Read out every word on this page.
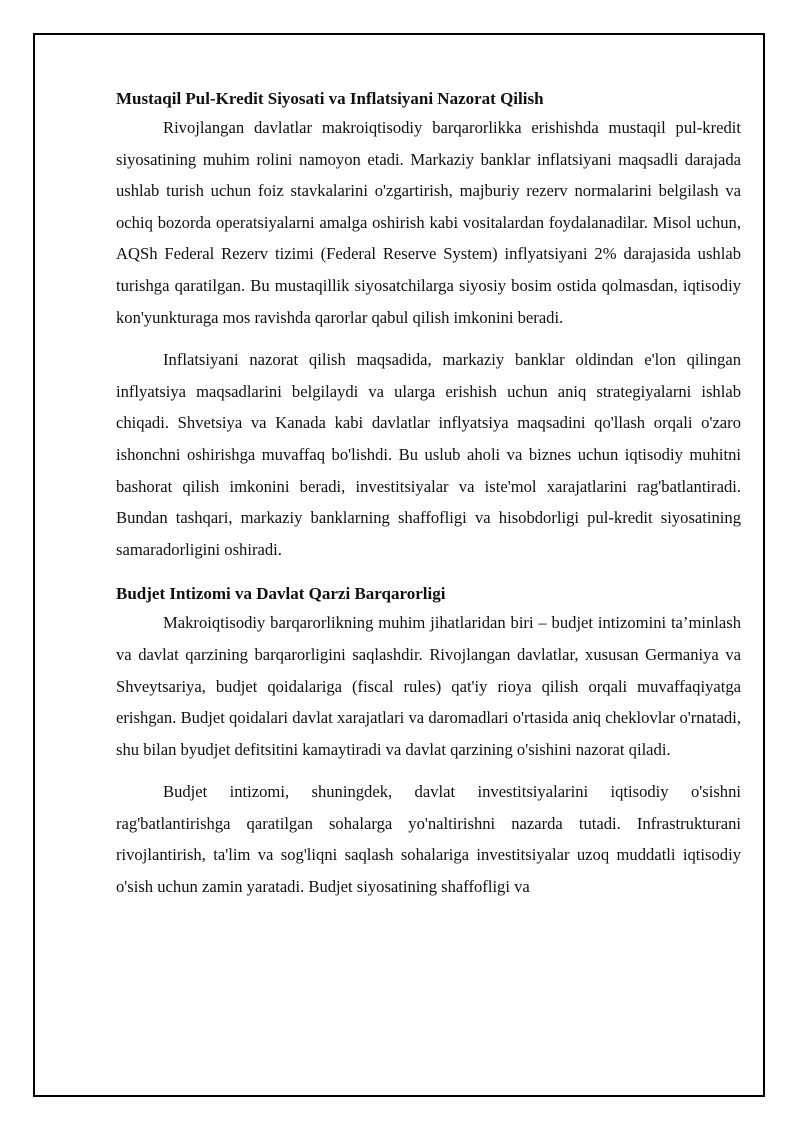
Mustaqil Pul-Kredit Siyosati va Inflatsiyani Nazorat Qilish

Rivojlangan davlatlar makroiqtisodiy barqarorlikka erishishda mustaqil pul-kredit siyosatining muhim rolini namoyon etadi. Markaziy banklar inflatsiyani maqsadli darajada ushlab turish uchun foiz stavkalarini o'zgartirish, majburiy rezerv normalarini belgilash va ochiq bozorda operatsiyalarni amalga oshirish kabi vositalardan foydalanadilar. Misol uchun, AQSh Federal Rezerv tizimi (Federal Reserve System) inflyatsiyani 2% darajasida ushlab turishga qaratilgan. Bu mustaqillik siyosatchilarga siyosiy bosim ostida qolmasdan, iqtisodiy kon'yunkturaga mos ravishda qarorlar qabul qilish imkonini beradi.

Inflatsiyani nazorat qilish maqsadida, markaziy banklar oldindan e'lon qilingan inflyatsiya maqsadlarini belgilaydi va ularga erishish uchun aniq strategiyalarni ishlab chiqadi. Shvetsiya va Kanada kabi davlatlar inflyatsiya maqsadini qo'llash orqali o'zaro ishonchni oshirishga muvaffaq bo'lishdi. Bu uslub aholi va biznes uchun iqtisodiy muhitni bashorat qilish imkonini beradi, investitsiyalar va iste'mol xarajatlarini rag'batlantiradi. Bundan tashqari, markaziy banklarning shaffofligi va hisobdorligi pul-kredit siyosatining samaradorligini oshiradi.

Budjet Intizomi va Davlat Qarzi Barqarorligi

Makroiqtisodiy barqarorlikning muhim jihatlaridan biri – budjet intizomini ta’minlash va davlat qarzining barqarorligini saqlashdir. Rivojlangan davlatlar, xususan Germaniya va Shveytsariya, budjet qoidalariga (fiscal rules) qat'iy rioya qilish orqali muvaffaqiyatga erishgan. Budjet qoidalari davlat xarajatlari va daromadlari o'rtasida aniq cheklovlar o'rnatadi, shu bilan byudjet defitsitini kamaytiradi va davlat qarzining o'sishini nazorat qiladi.

Budjet intizomi, shuningdek, davlat investitsiyalarini iqtisodiy o'sishni rag'batlantirishga qaratilgan sohalarga yo'naltirishni nazarda tutadi. Infrastrukturani rivojlantirish, ta'lim va sog'liqni saqlash sohalariga investitsiyalar uzoq muddatli iqtisodiy o'sish uchun zamin yaratadi. Budjet siyosatining shaffofligi va
